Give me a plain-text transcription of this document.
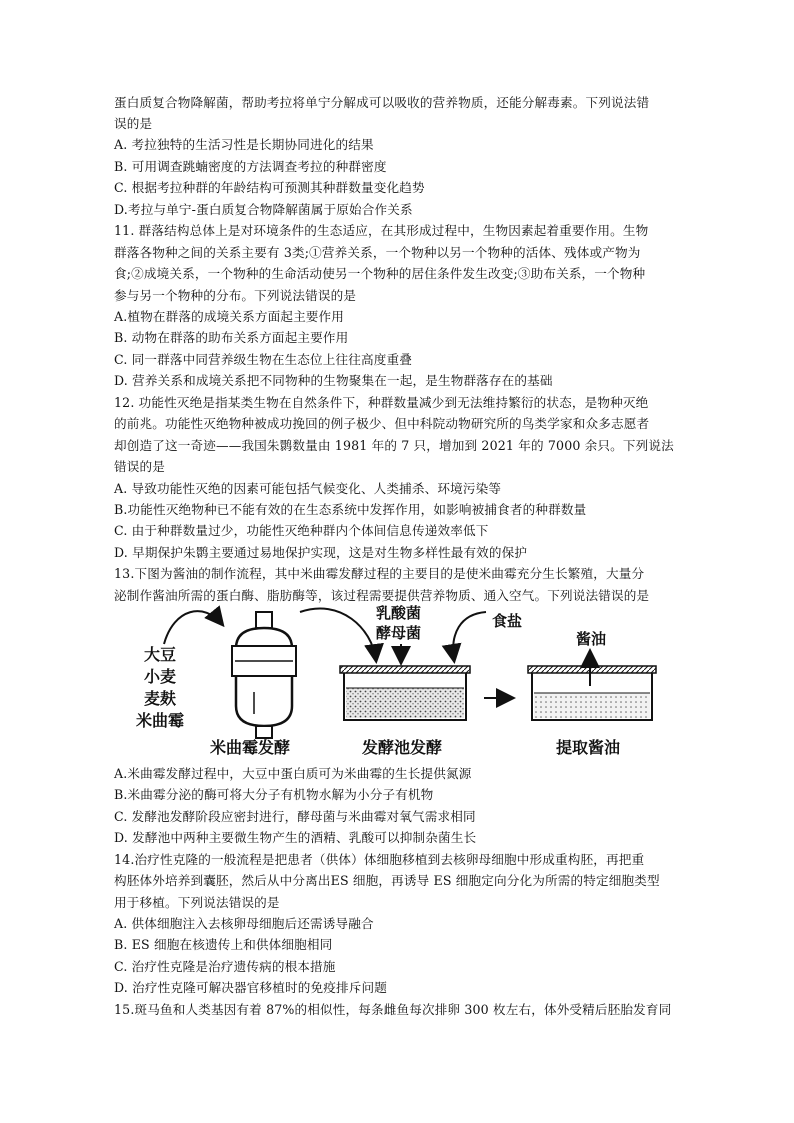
蛋白质复合物降解菌，帮助考拉将单宁分解成可以吸收的营养物质，还能分解毒素。下列说法错
误的是
A. 考拉独特的生活习性是长期协同进化的结果
B. 可用调查跳蝻密度的方法调查考拉的种群密度
C. 根据考拉种群的年龄结构可预测其种群数量变化趋势
D.考拉与单宁-蛋白质复合物降解菌属于原始合作关系
11. 群落结构总体上是对环境条件的生态适应，在其形成过程中，生物因素起着重要作用。生物
群落各物种之间的关系主要有 3类;①营养关系，一个物种以另一个物种的活体、残体或产物为
食;②成境关系，一个物种的生命活动使另一个物种的居住条件发生改变;③助布关系，一个物种
参与另一个物种的分布。下列说法错误的是
A.植物在群落的成境关系方面起主要作用
B. 动物在群落的助布关系方面起主要作用
C. 同一群落中同营养级生物在生态位上往往高度重叠
D. 营养关系和成境关系把不同物种的生物聚集在一起，是生物群落存在的基础
12. 功能性灭绝是指某类生物在自然条件下，种群数量减少到无法维持繁衍的状态，是物种灭绝
的前兆。功能性灭绝物种被成功挽回的例子极少、但中科院动物研究所的鸟类学家和众多志愿者
却创造了这一奇迹——我国朱鹮数量由 1981 年的 7 只，增加到 2021 年的 7000 余只。下列说法
错误的是
A. 导致功能性灭绝的因素可能包括气候变化、人类捕杀、环境污染等
B.功能性灭绝物种已不能有效的在生态系统中发挥作用，如影响被捕食者的种群数量
C. 由于种群数量过少，功能性灭绝种群内个体间信息传递效率低下
D. 早期保护朱鹮主要通过易地保护实现，这是对生物多样性最有效的保护
13.下图为酱油的制作流程，其中米曲霉发酵过程的主要目的是使米曲霉充分生长繁殖，大量分
泌制作酱油所需的蛋白酶、脂肪酶等，该过程需要提供营养物质、通入空气。下列说法错误的是
大豆
小麦
麦麸
米曲霉
乳酸菌
酵母菌
食盐
酱油
米曲霉发酵	发酵池发酵	提取酱油
A.米曲霉发酵过程中，大豆中蛋白质可为米曲霉的生长提供氮源
B.米曲霉分泌的酶可将大分子有机物水解为小分子有机物
C. 发酵池发酵阶段应密封进行，酵母菌与米曲霉对氧气需求相同
D. 发酵池中两种主要微生物产生的酒精、乳酸可以抑制杂菌生长
14.治疗性克隆的一般流程是把患者（供体）体细胞移植到去核卵母细胞中形成重构胚，再把重
构胚体外培养到囊胚，然后从中分离出ES 细胞，再诱导 ES 细胞定向分化为所需的特定细胞类型
用于移植。下列说法错误的是
A. 供体细胞注入去核卵母细胞后还需诱导融合
B. ES 细胞在核遗传上和供体细胞相同
C. 治疗性克隆是治疗遗传病的根本措施
D. 治疗性克隆可解决器官移植时的免疫排斥问题
15.斑马鱼和人类基因有着 87%的相似性，每条雌鱼每次排卵 300 枚左右，体外受精后胚胎发育同
